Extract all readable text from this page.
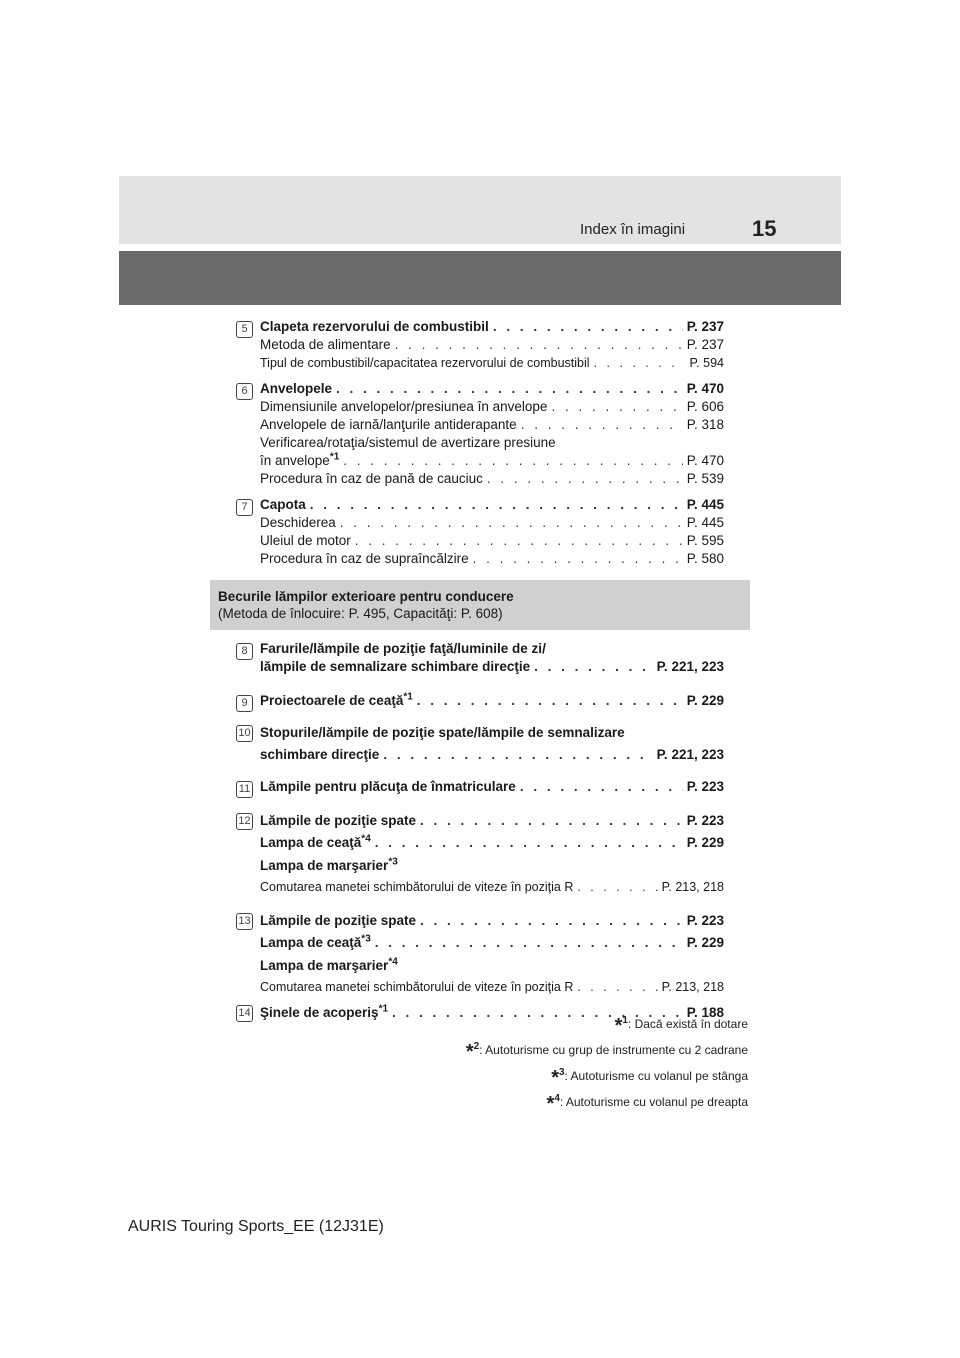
Index în imagini	15
5 Clapeta rezervorului de combustibil . . .	P. 237
Metoda de alimentare . . .	P. 237
Tipul de combustibil/capacitatea rezervorului de combustibil . . .	P. 594
6 Anvelopele . . .	P. 470
Dimensiunile anvelopelor/presiunea în anvelope . . .	P. 606
Anvelopele de iarnă/lanţurile antiderapante . . .	P. 318
Verificarea/rotaţia/sistemul de avertizare presiune
în anvelope$^{*1}$ . . .	P. 470
Procedura în caz de pană de cauciuc . . .	P. 539
7 Capota . . .	P. 445
Deschiderea . . .	P. 445
Uleiul de motor . . .	P. 595
Procedura în caz de supraîncălzire . . .	P. 580
Becurile lămpilor exterioare pentru conducere
(Metoda de înlocuire: P. 495, Capacităţi: P. 608)
8 Farurile/lămpile de poziţie faţă/luminile de zi/
lămpile de semnalizare schimbare direcţie . . .	P. 221, 223
9 Proiectoarele de ceaţă$^{*1}$ . . .	P. 229
10 Stopurile/lămpile de poziţie spate/lămpile de semnalizare
schimbare direcţie . . .	P. 221, 223
11 Lămpile pentru plăcuţa de înmatriculare . . .	P. 223
12 Lămpile de poziţie spate . . .	P. 223
Lampa de ceaţă$^{*4}$ . . .	P. 229
Lampa de marşarier$^{*3}$
Comutarea manetei schimbătorului de viteze în poziţia R . . .	P. 213, 218
13 Lămpile de poziţie spate . . .	P. 223
Lampa de ceaţă$^{*3}$ . . .	P. 229
Lampa de marşarier$^{*4}$
Comutarea manetei schimbătorului de viteze în poziţia R . . .	P. 213, 218
14 Şinele de acoperiş$^{*1}$ . . .	P. 188
*$^1$: Dacă există în dotare
*$^2$: Autoturisme cu grup de instrumente cu 2 cadrane
*$^3$: Autoturisme cu volanul pe stânga
*$^4$: Autoturisme cu volanul pe dreapta
AURIS Touring Sports_EE (12J31E)
